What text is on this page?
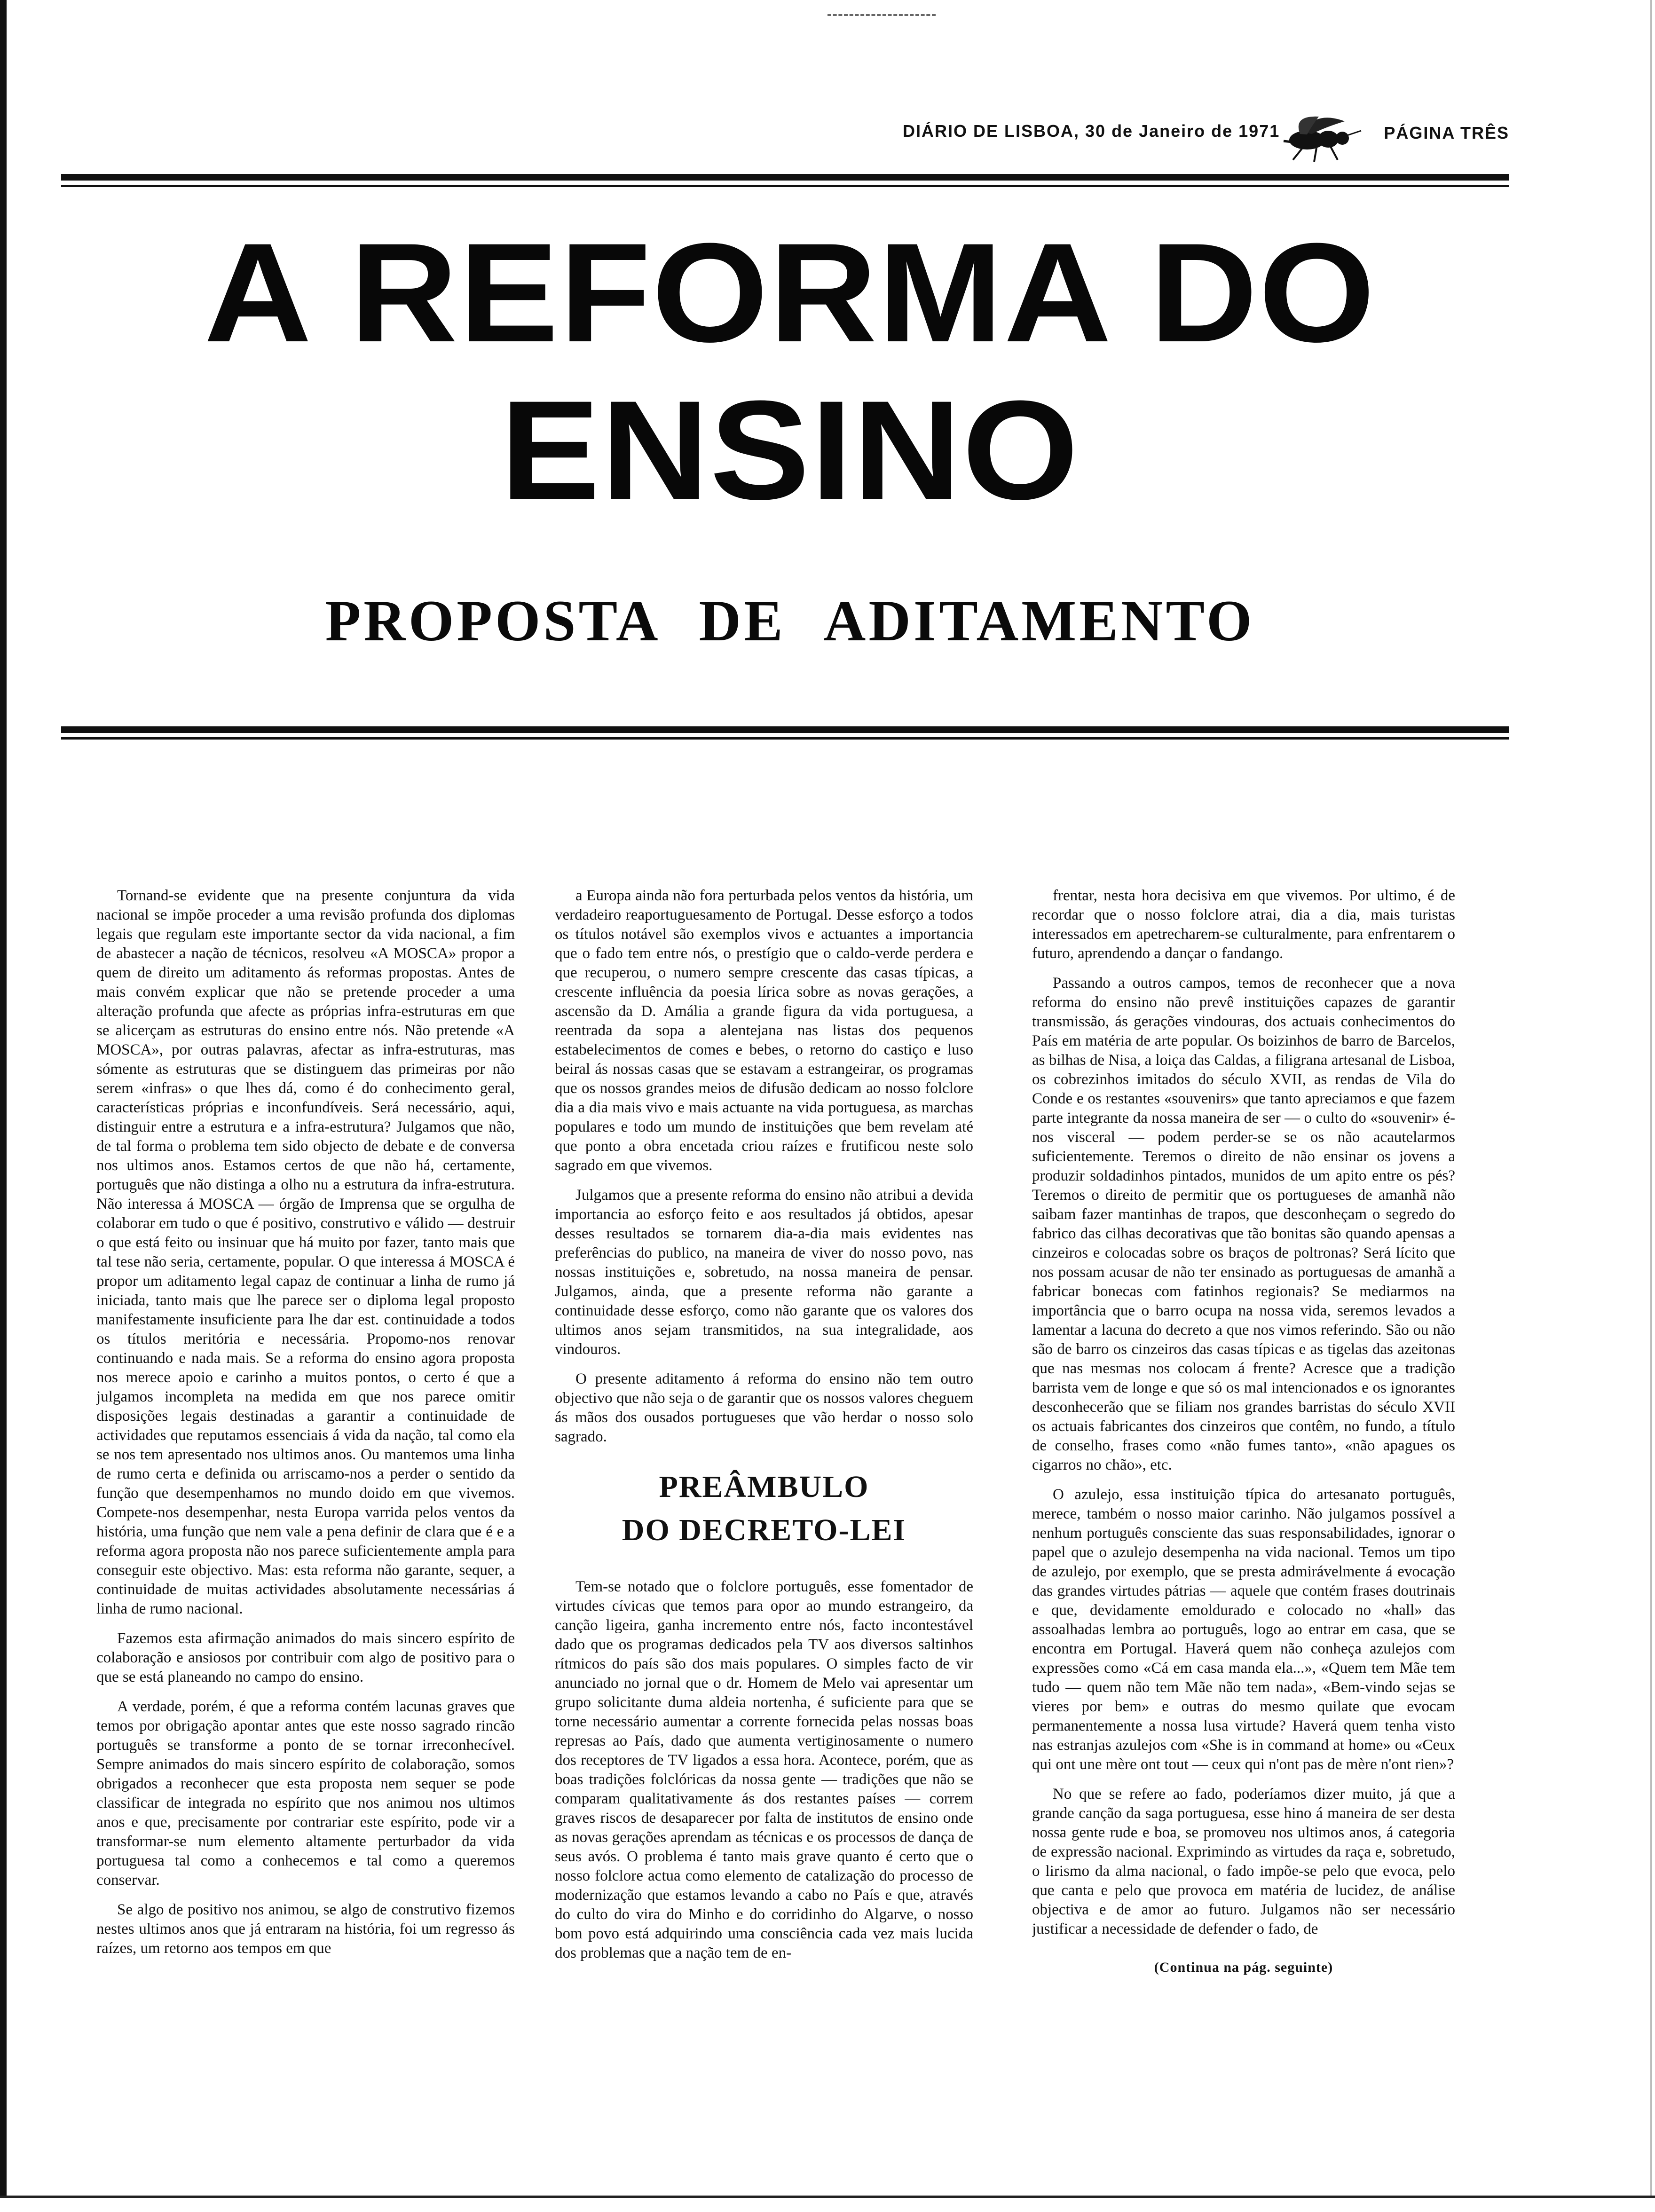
DIÁRIO DE LISBOA, 30 de Janeiro de 1971	PÁGINA TRÊS
A REFORMA DO
ENSINO
PROPOSTA DE ADITAMENTO

Tornand-se evidente que na presente conjuntura da vida nacional se impõe proceder a uma revisão profunda dos diplomas legais que regulam este importante sector da vida nacional, a fim de abastecer a nação de técnicos, resolveu «A MOSCA» propor a quem de direito um aditamento ás reformas propostas. Antes de mais convém explicar que não se pretende proceder a uma alteração profunda que afecte as próprias infra-estruturas em que se alicerçam as estruturas do ensino entre nós. Não pretende «A MOSCA», por outras palavras, afectar as infra-estruturas, mas sómente as estruturas que se distinguem das primeiras por não serem «infras» o que lhes dá, como é do conhecimento geral, características próprias e inconfundíveis. Será necessário, aqui, distinguir entre a estrutura e a infra-estrutura? Julgamos que não, de tal forma o problema tem sido objecto de debate e de conversa nos ultimos anos. Estamos certos de que não há, certamente, português que não distinga a olho nu a estrutura da infra-estrutura. Não interessa á MOSCA — órgão de Imprensa que se orgulha de colaborar em tudo o que é positivo, construtivo e válido — destruir o que está feito ou insinuar que há muito por fazer, tanto mais que tal tese não seria, certamente, popular. O que interessa á MOSCA é propor um aditamento legal capaz de continuar a linha de rumo já iniciada, tanto mais que lhe parece ser o diploma legal proposto manifestamente insuficiente para lhe dar est. continuidade a todos os títulos meritória e necessária. Propomo-nos renovar continuando e nada mais. Se a reforma do ensino agora proposta nos merece apoio e carinho a muitos pontos, o certo é que a julgamos incompleta na medida em que nos parece omitir disposições legais destinadas a garantir a continuidade de actividades que reputamos essenciais á vida da nação, tal como ela se nos tem apresentado nos ultimos anos. Ou mantemos uma linha de rumo certa e definida ou arriscamo-nos a perder o sentido da função que desempenhamos no mundo doido em que vivemos. Compete-nos desempenhar, nesta Europa varrida pelos ventos da história, uma função que nem vale a pena definir de clara que é e a reforma agora proposta não nos parece suficientemente ampla para conseguir este objectivo. Mas: esta reforma não garante, sequer, a continuidade de muitas actividades absolutamente necessárias á linha de rumo nacional.

Fazemos esta afirmação animados do mais sincero espírito de colaboração e ansiosos por contribuir com algo de positivo para o que se está planeando no campo do ensino.

A verdade, porém, é que a reforma contém lacunas graves que temos por obrigação apontar antes que este nosso sagrado rincão português se transforme a ponto de se tornar irreconhecível. Sempre animados do mais sincero espírito de colaboração, somos obrigados a reconhecer que esta proposta nem sequer se pode classificar de integrada no espírito que nos animou nos ultimos anos e que, precisamente por contrariar este espírito, pode vir a transformar-se num elemento altamente perturbador da vida portuguesa tal como a conhecemos e tal como a queremos conservar.

Se algo de positivo nos animou, se algo de construtivo fizemos nestes ultimos anos que já entraram na história, foi um regresso ás raízes, um retorno aos tempos em que

a Europa ainda não fora perturbada pelos ventos da história, um verdadeiro reaportuguesamento de Portugal. Desse esforço a todos os títulos notável são exemplos vivos e actuantes a importancia que o fado tem entre nós, o prestígio que o caldo-verde perdera e que recuperou, o numero sempre crescente das casas típicas, a crescente influência da poesia lírica sobre as novas gerações, a ascensão da D. Amália a grande figura da vida portuguesa, a reentrada da sopa a alentejana nas listas dos pequenos estabelecimentos de comes e bebes, o retorno do castiço e luso beiral ás nossas casas que se estavam a estrangeirar, os programas que os nossos grandes meios de difusão dedicam ao nosso folclore dia a dia mais vivo e mais actuante na vida portuguesa, as marchas populares e todo um mundo de instituições que bem revelam até que ponto a obra encetada criou raízes e frutificou neste solo sagrado em que vivemos.

Julgamos que a presente reforma do ensino não atribui a devida importancia ao esforço feito e aos resultados já obtidos, apesar desses resultados se tornarem dia-a-dia mais evidentes nas preferências do publico, na maneira de viver do nosso povo, nas nossas instituições e, sobretudo, na nossa maneira de pensar. Julgamos, ainda, que a presente reforma não garante a continuidade desse esforço, como não garante que os valores dos ultimos anos sejam transmitidos, na sua integralidade, aos vindouros.

O presente aditamento á reforma do ensino não tem outro objectivo que não seja o de garantir que os nossos valores cheguem ás mãos dos ousados portugueses que vão herdar o nosso solo sagrado.

PREÂMBULO
DO DECRETO-LEI

Tem-se notado que o folclore português, esse fomentador de virtudes cívicas que temos para opor ao mundo estrangeiro, da canção ligeira, ganha incremento entre nós, facto incontestável dado que os programas dedicados pela TV aos diversos saltinhos rítmicos do país são dos mais populares. O simples facto de vir anunciado no jornal que o dr. Homem de Melo vai apresentar um grupo solicitante duma aldeia nortenha, é suficiente para que se torne necessário aumentar a corrente fornecida pelas nossas boas represas ao País, dado que aumenta vertiginosamente o numero dos receptores de TV ligados a essa hora. Acontece, porém, que as boas tradições folclóricas da nossa gente — tradições que não se comparam qualitativamente ás dos restantes países — correm graves riscos de desaparecer por falta de institutos de ensino onde as novas gerações aprendam as técnicas e os processos de dança de seus avós. O problema é tanto mais grave quanto é certo que o nosso folclore actua como elemento de catalização do processo de modernização que estamos levando a cabo no País e que, através do culto do vira do Minho e do corridinho do Algarve, o nosso bom povo está adquirindo uma consciência cada vez mais lucida dos problemas que a nação tem de en-

frentar, nesta hora decisiva em que vivemos. Por ultimo, é de recordar que o nosso folclore atrai, dia a dia, mais turistas interessados em apetrecharem-se culturalmente, para enfrentarem o futuro, aprendendo a dançar o fandango.

Passando a outros campos, temos de reconhecer que a nova reforma do ensino não prevê instituições capazes de garantir transmissão, ás gerações vindouras, dos actuais conhecimentos do País em matéria de arte popular. Os boizinhos de barro de Barcelos, as bilhas de Nisa, a loiça das Caldas, a filigrana artesanal de Lisboa, os cobrezinhos imitados do século XVII, as rendas de Vila do Conde e os restantes «souvenirs» que tanto apreciamos e que fazem parte integrante da nossa maneira de ser — o culto do «souvenir» é-nos visceral — podem perder-se se os não acautelarmos suficientemente. Teremos o direito de não ensinar os jovens a produzir soldadinhos pintados, munidos de um apito entre os pés? Teremos o direito de permitir que os portugueses de amanhã não saibam fazer mantinhas de trapos, que desconheçam o segredo do fabrico das cilhas decorativas que tão bonitas são quando apensas a cinzeiros e colocadas sobre os braços de poltronas? Será lícito que nos possam acusar de não ter ensinado as portuguesas de amanhã a fabricar bonecas com fatinhos regionais? Se mediarmos na importância que o barro ocupa na nossa vida, seremos levados a lamentar a lacuna do decreto a que nos vimos referindo. São ou não são de barro os cinzeiros das casas típicas e as tigelas das azeitonas que nas mesmas nos colocam á frente? Acresce que a tradição barrista vem de longe e que só os mal intencionados e os ignorantes desconhecerão que se filiam nos grandes barristas do século XVII os actuais fabricantes dos cinzeiros que contêm, no fundo, a título de conselho, frases como «não fumes tanto», «não apagues os cigarros no chão», etc.

O azulejo, essa instituição típica do artesanato português, merece, também o nosso maior carinho. Não julgamos possível a nenhum português consciente das suas responsabilidades, ignorar o papel que o azulejo desempenha na vida nacional. Temos um tipo de azulejo, por exemplo, que se presta admirávelmente á evocação das grandes virtudes pátrias — aquele que contém frases doutrinais e que, devidamente emoldurado e colocado no «hall» das assoalhadas lembra ao português, logo ao entrar em casa, que se encontra em Portugal. Haverá quem não conheça azulejos com expressões como «Cá em casa manda ela...», «Quem tem Mãe tem tudo — quem não tem Mãe não tem nada», «Bem-vindo sejas se vieres por bem» e outras do mesmo quilate que evocam permanentemente a nossa lusa virtude? Haverá quem tenha visto nas estranjas azulejos com «She is in command at home» ou «Ceux qui ont une mère ont tout — ceux qui n'ont pas de mère n'ont rien»?

No que se refere ao fado, poderíamos dizer muito, já que a grande canção da saga portuguesa, esse hino á maneira de ser desta nossa gente rude e boa, se promoveu nos ultimos anos, á categoria de expressão nacional. Exprimindo as virtudes da raça e, sobretudo, o lirismo da alma nacional, o fado impõe-se pelo que evoca, pelo que canta e pelo que provoca em matéria de lucidez, de análise objectiva e de amor ao futuro. Julgamos não ser necessário justificar a necessidade de defender o fado, de

(Continua na pág. seguinte)
